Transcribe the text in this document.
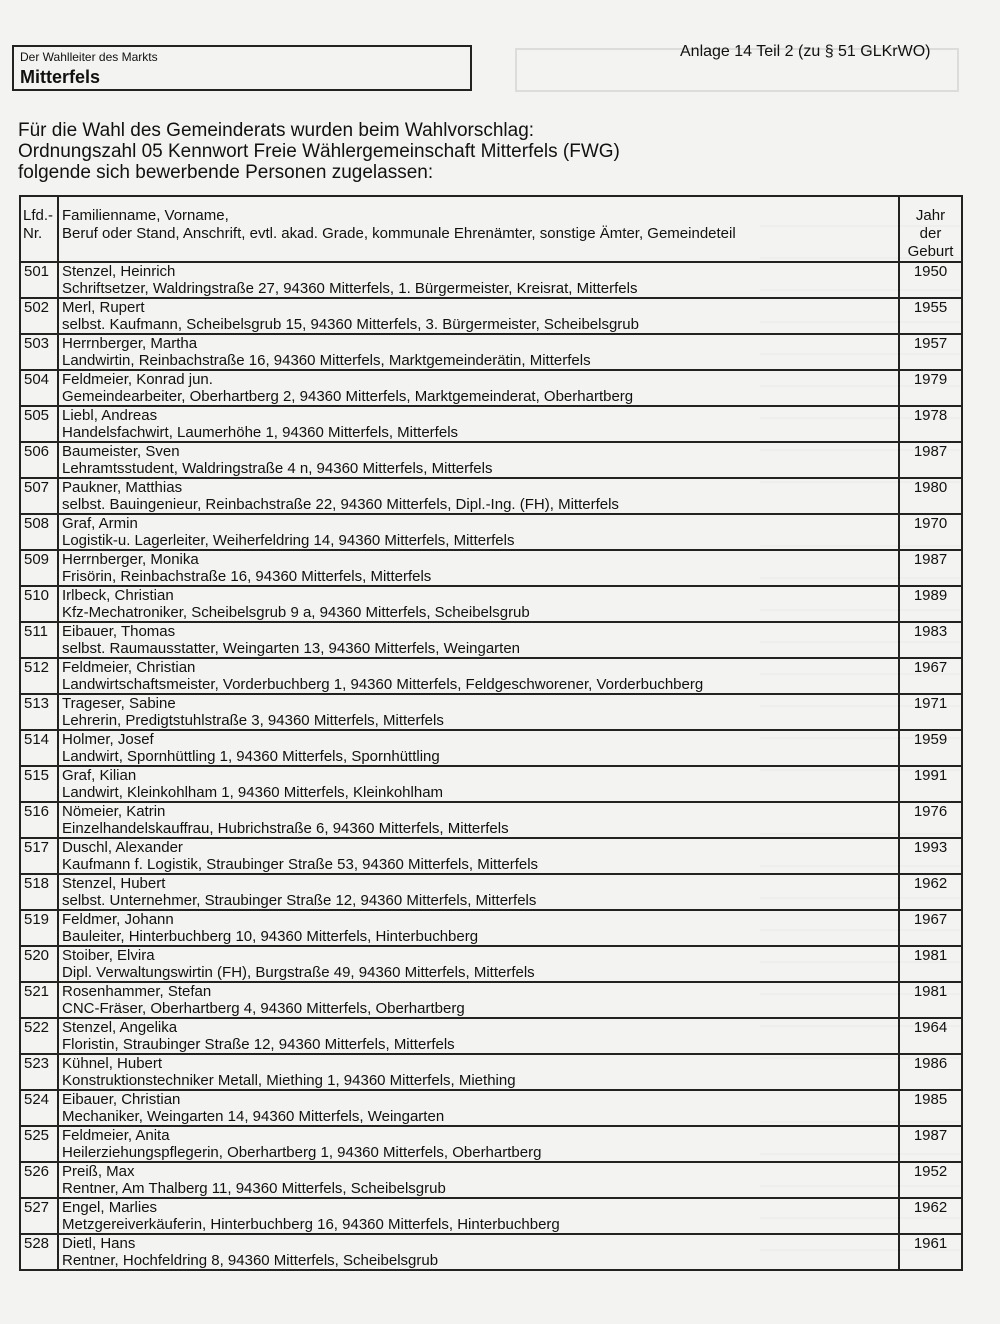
Der Wahlleiter des Markts
Mitterfels
Anlage 14 Teil 2 (zu § 51 GLKrWO)
Für die Wahl des Gemeinderats wurden beim Wahlvorschlag:
Ordnungszahl 05 Kennwort Freie Wählergemeinschaft Mitterfels (FWG)
folgende sich bewerbende Personen zugelassen:
Lfd.- Nr.	Familienname, Vorname,
Beruf oder Stand, Anschrift, evtl. akad. Grade, kommunale Ehrenämter, sonstige Ämter, Gemeindeteil	Jahr der Geburt
501	Stenzel, Heinrich
Schriftsetzer, Waldringstraße 27, 94360 Mitterfels, 1. Bürgermeister, Kreisrat, Mitterfels	1950
502	Merl, Rupert
selbst. Kaufmann, Scheibelsgrub 15, 94360 Mitterfels, 3. Bürgermeister, Scheibelsgrub	1955
503	Herrnberger, Martha
Landwirtin, Reinbachstraße 16, 94360 Mitterfels, Marktgemeinderätin, Mitterfels	1957
504	Feldmeier, Konrad jun.
Gemeindearbeiter, Oberhartberg 2, 94360 Mitterfels, Marktgemeinderat, Oberhartberg	1979
505	Liebl, Andreas
Handelsfachwirt, Laumerhöhe 1, 94360 Mitterfels, Mitterfels	1978
506	Baumeister, Sven
Lehramtsstudent, Waldringstraße 4 n, 94360 Mitterfels, Mitterfels	1987
507	Paukner, Matthias
selbst. Bauingenieur, Reinbachstraße 22, 94360 Mitterfels, Dipl.-Ing. (FH), Mitterfels	1980
508	Graf, Armin
Logistik-u. Lagerleiter, Weiherfeldring 14, 94360 Mitterfels, Mitterfels	1970
509	Herrnberger, Monika
Frisörin, Reinbachstraße 16, 94360 Mitterfels, Mitterfels	1987
510	Irlbeck, Christian
Kfz-Mechatroniker, Scheibelsgrub 9 a, 94360 Mitterfels, Scheibelsgrub	1989
511	Eibauer, Thomas
selbst. Raumausstatter, Weingarten 13, 94360 Mitterfels, Weingarten	1983
512	Feldmeier, Christian
Landwirtschaftsmeister, Vorderbuchberg 1, 94360 Mitterfels, Feldgeschworener, Vorderbuchberg	1967
513	Trageser, Sabine
Lehrerin, Predigtstuhlstraße 3, 94360 Mitterfels, Mitterfels	1971
514	Holmer, Josef
Landwirt, Spornhüttling 1, 94360 Mitterfels, Spornhüttling	1959
515	Graf, Kilian
Landwirt, Kleinkohlham 1, 94360 Mitterfels, Kleinkohlham	1991
516	Nömeier, Katrin
Einzelhandelskauffrau, Hubrichstraße 6, 94360 Mitterfels, Mitterfels	1976
517	Duschl, Alexander
Kaufmann f. Logistik, Straubinger Straße 53, 94360 Mitterfels, Mitterfels	1993
518	Stenzel, Hubert
selbst. Unternehmer, Straubinger Straße 12, 94360 Mitterfels, Mitterfels	1962
519	Feldmer, Johann
Bauleiter, Hinterbuchberg 10, 94360 Mitterfels, Hinterbuchberg	1967
520	Stoiber, Elvira
Dipl. Verwaltungswirtin (FH), Burgstraße 49, 94360 Mitterfels, Mitterfels	1981
521	Rosenhammer, Stefan
CNC-Fräser, Oberhartberg 4, 94360 Mitterfels, Oberhartberg	1981
522	Stenzel, Angelika
Floristin, Straubinger Straße 12, 94360 Mitterfels, Mitterfels	1964
523	Kühnel, Hubert
Konstruktionstechniker Metall, Miething 1, 94360 Mitterfels, Miething	1986
524	Eibauer, Christian
Mechaniker, Weingarten 14, 94360 Mitterfels, Weingarten	1985
525	Feldmeier, Anita
Heilerziehungspflegerin, Oberhartberg 1, 94360 Mitterfels, Oberhartberg	1987
526	Preiß, Max
Rentner, Am Thalberg 11, 94360 Mitterfels, Scheibelsgrub	1952
527	Engel, Marlies
Metzgereiverkäuferin, Hinterbuchberg 16, 94360 Mitterfels, Hinterbuchberg	1962
528	Dietl, Hans
Rentner, Hochfeldring 8, 94360 Mitterfels, Scheibelsgrub	1961
